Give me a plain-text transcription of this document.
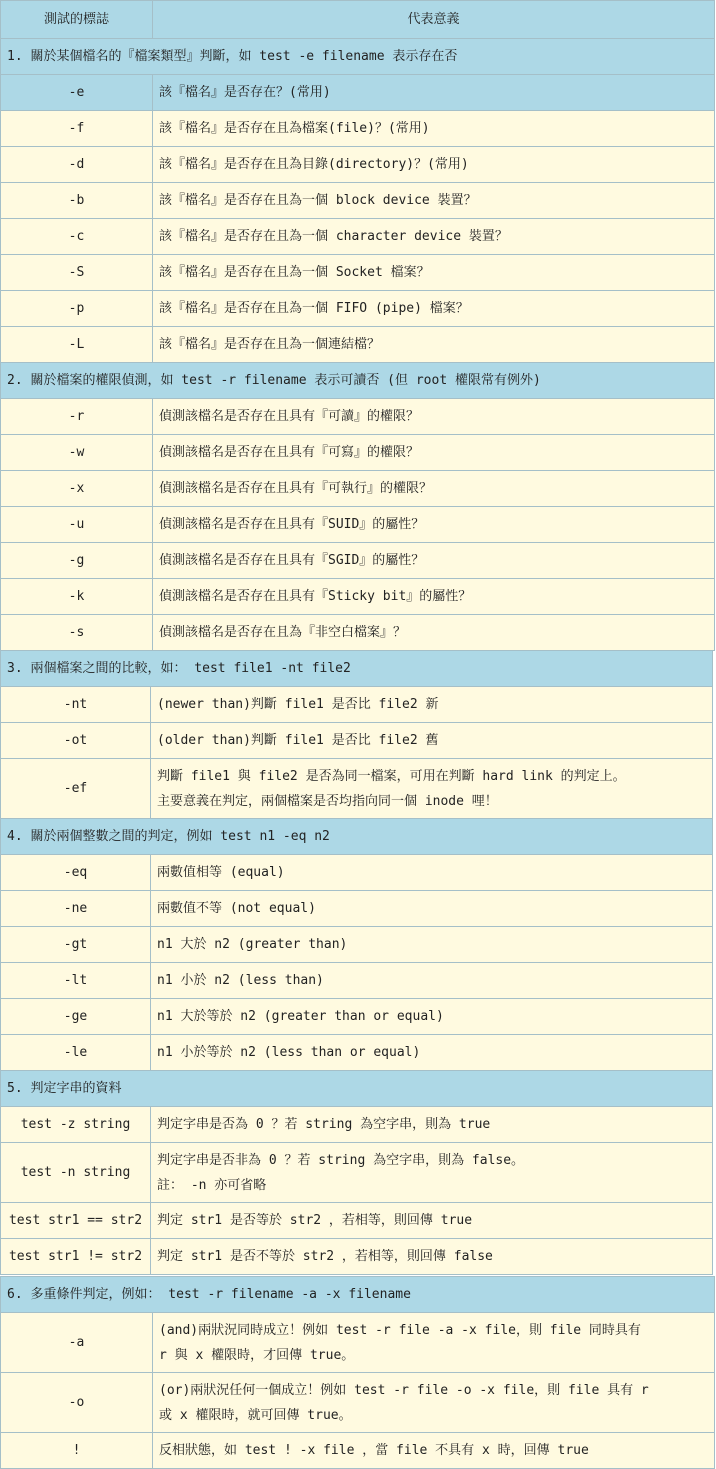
測試的標誌	代表意義
1. 關於某個檔名的『檔案類型』判斷，如 test -e filename 表示存在否	
-e	該『檔名』是否存在？(常用)
-f	該『檔名』是否存在且為檔案(file)？(常用)
-d	該『檔名』是否存在且為目錄(directory)？(常用)
-b	該『檔名』是否存在且為一個 block device 裝置？
-c	該『檔名』是否存在且為一個 character device 裝置？
-S	該『檔名』是否存在且為一個 Socket 檔案？
-p	該『檔名』是否存在且為一個 FIFO (pipe) 檔案？
-L	該『檔名』是否存在且為一個連結檔？
2. 關於檔案的權限偵測，如 test -r filename 表示可讀否 (但 root 權限常有例外)	
-r	偵測該檔名是否存在且具有『可讀』的權限？
-w	偵測該檔名是否存在且具有『可寫』的權限？
-x	偵測該檔名是否存在且具有『可執行』的權限？
-u	偵測該檔名是否存在且具有『SUID』的屬性？
-g	偵測該檔名是否存在且具有『SGID』的屬性？
-k	偵測該檔名是否存在且具有『Sticky bit』的屬性？
-s	偵測該檔名是否存在且為『非空白檔案』？
3. 兩個檔案之間的比較，如： test file1 -nt file2	
-nt	(newer than)判斷 file1 是否比 file2 新
-ot	(older than)判斷 file1 是否比 file2 舊
-ef	判斷 file1 與 file2 是否為同一檔案，可用在判斷 hard link 的判定上。
主要意義在判定，兩個檔案是否均指向同一個 inode 哩！
4. 關於兩個整數之間的判定，例如 test n1 -eq n2	
-eq	兩數值相等 (equal)
-ne	兩數值不等 (not equal)
-gt	n1 大於 n2 (greater than)
-lt	n1 小於 n2 (less than)
-ge	n1 大於等於 n2 (greater than or equal)
-le	n1 小於等於 n2 (less than or equal)
5. 判定字串的資料	
test -z string	判定字串是否為 0 ？若 string 為空字串，則為 true
test -n string	判定字串是否非為 0 ？若 string 為空字串，則為 false。
註： -n 亦可省略

test str1 == str2	判定 str1 是否等於 str2 ，若相等，則回傳 true
test str1 != str2	判定 str1 是否不等於 str2 ，若相等，則回傳 false
6. 多重條件判定，例如： test -r filename -a -x filename	
-a	(and)兩狀況同時成立！例如 test -r file -a -x file，則 file 同時具有
r 與 x 權限時，才回傳 true。

-o	(or)兩狀況任何一個成立！例如 test -r file -o -x file，則 file 具有 r
或 x 權限時，就可回傳 true。

!	反相狀態，如 test ! -x file ，當 file 不具有 x 時，回傳 true
